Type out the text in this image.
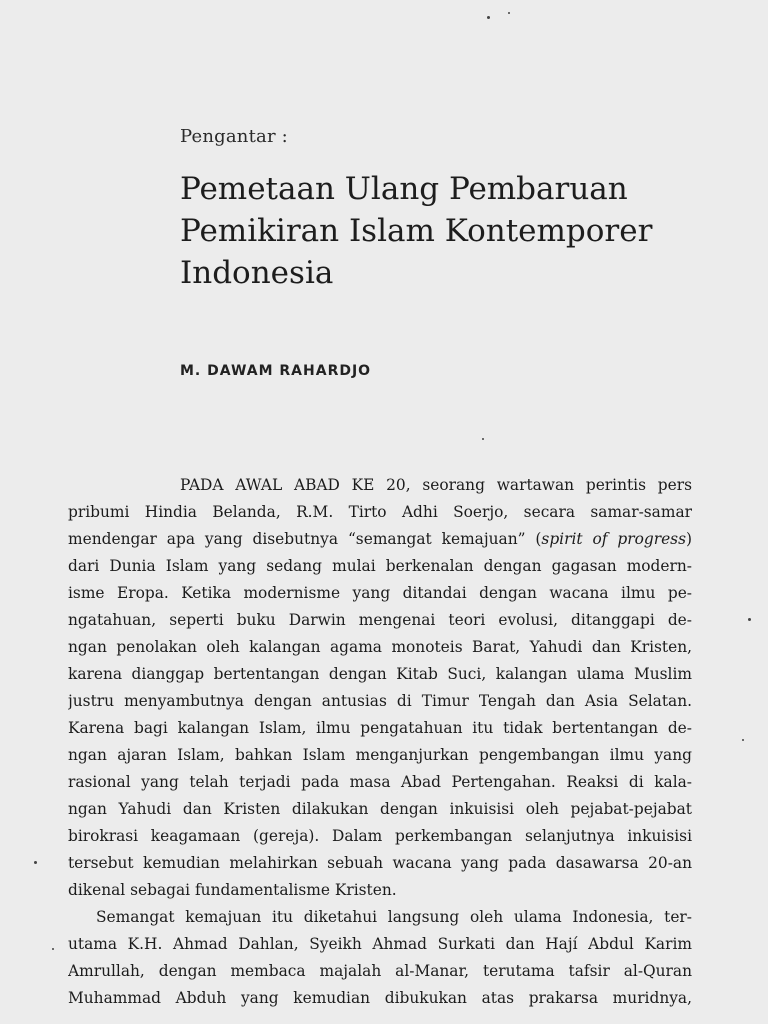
Pengantar :
Pemetaan Ulang Pembaruan
Pemikiran Islam Kontemporer
Indonesia
M. DAWAM RAHARDJO
PADA AWAL ABAD KE 20, seorang wartawan perintis pers
pribumi Hindia Belanda, R.M. Tirto Adhi Soerjo, secara samar-samar
mendengar apa yang disebutnya “semangat kemajuan” (spirit of progress)
dari Dunia Islam yang sedang mulai berkenalan dengan gagasan modern-
isme Eropa. Ketika modernisme yang ditandai dengan wacana ilmu pe-
ngatahuan, seperti buku Darwin mengenai teori evolusi, ditanggapi de-
ngan penolakan oleh kalangan agama monoteis Barat, Yahudi dan Kristen,
karena dianggap bertentangan dengan Kitab Suci, kalangan ulama Muslim
justru menyambutnya dengan antusias di Timur Tengah dan Asia Selatan.
Karena bagi kalangan Islam, ilmu pengatahuan itu tidak bertentangan de-
ngan ajaran Islam, bahkan Islam menganjurkan pengembangan ilmu yang
rasional yang telah terjadi pada masa Abad Pertengahan. Reaksi di kala-
ngan Yahudi dan Kristen dilakukan dengan inkuisisi oleh pejabat-pejabat
birokrasi keagamaan (gereja). Dalam perkembangan selanjutnya inkuisisi
tersebut kemudian melahirkan sebuah wacana yang pada dasawarsa 20-an
dikenal sebagai fundamentalisme Kristen.
Semangat kemajuan itu diketahui langsung oleh ulama Indonesia, ter-
utama K.H. Ahmad Dahlan, Syeikh Ahmad Surkati dan Hají Abdul Karim
Amrullah, dengan membaca majalah al-Manar, terutama tafsir al-Quran
Muhammad Abduh yang kemudian dibukukan atas prakarsa muridnya,
